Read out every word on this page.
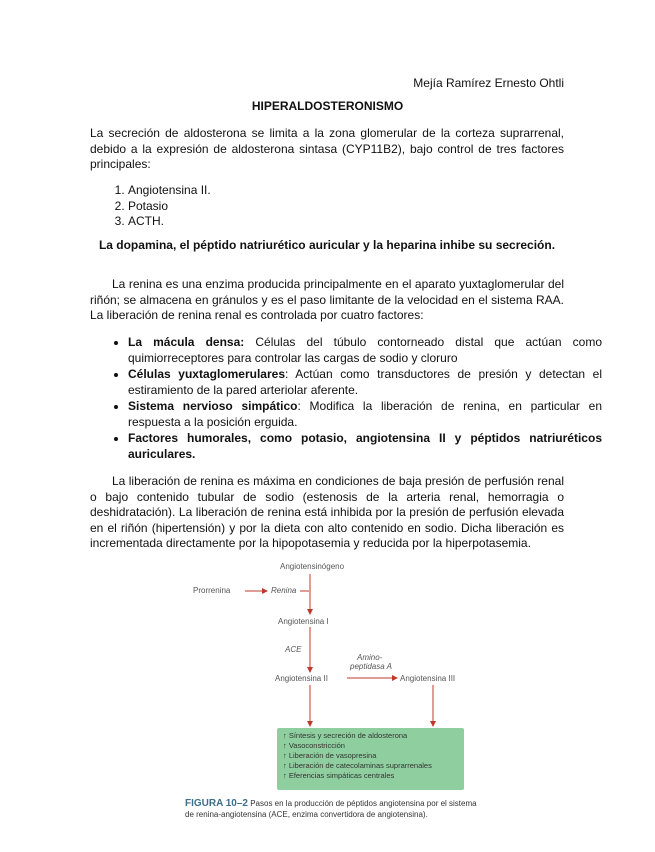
Mejía Ramírez Ernesto Ohtli
HIPERALDOSTERONISMO
La secreción de aldosterona se limita a la zona glomerular de la corteza suprarrenal, debido a la expresión de aldosterona sintasa (CYP11B2), bajo control de tres factores principales:
1. Angiotensina II.
2. Potasio
3. ACTH.
La dopamina, el péptido natriurético auricular y la heparina inhibe su secreción.
La renina es una enzima producida principalmente en el aparato yuxtaglomerular del riñón; se almacena en gránulos y es el paso limitante de la velocidad en el sistema RAA. La liberación de renina renal es controlada por cuatro factores:
• La mácula densa: Células del túbulo contorneado distal que actúan como quimiorreceptores para controlar las cargas de sodio y cloruro
• Células yuxtaglomerulares: Actúan como transductores de presión y detectan el estiramiento de la pared arteriolar aferente.
• Sistema nervioso simpático: Modifica la liberación de renina, en particular en respuesta a la posición erguida.
• Factores humorales, como potasio, angiotensina II y péptidos natriuréticos auriculares.
La liberación de renina es máxima en condiciones de baja presión de perfusión renal o bajo contenido tubular de sodio (estenosis de la arteria renal, hemorragia o deshidratación). La liberación de renina está inhibida por la presión de perfusión elevada en el riñón (hipertensión) y por la dieta con alto contenido en sodio. Dicha liberación es incrementada directamente por la hipopotasemia y reducida por la hiperpotasemia.
Angiotensinógeno
Prorrenina	Renina
Angiotensina I
ACE
Amino-
peptidasa A
Angiotensina II	Angiotensina III
↑ Síntesis y secreción de aldosterona
↑ Vasoconstricción
↑ Liberación de vasopresina
↑ Liberación de catecolaminas suprarrenales
↑ Eferencias simpáticas centrales
FIGURA 10–2 Pasos en la producción de péptidos angiotensina por el sistema de renina-angiotensina (ACE, enzima convertidora de angiotensina).
